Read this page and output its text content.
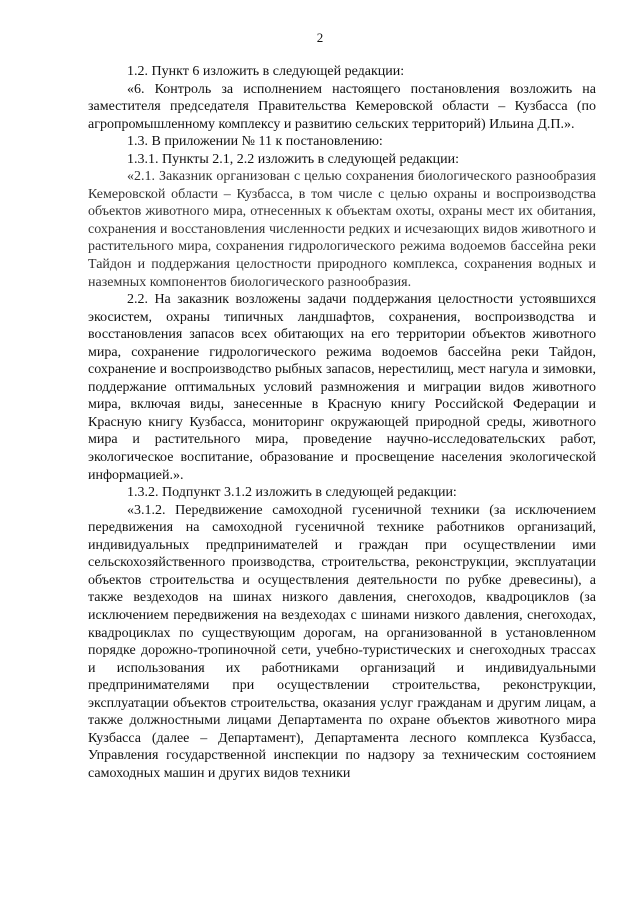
2

1.2. Пункт 6 изложить в следующей редакции:

«6. Контроль за исполнением настоящего постановления возложить на заместителя председателя Правительства Кемеровской области – Кузбасса (по агропромышленному комплексу и развитию сельских территорий) Ильина Д.П.».

1.3. В приложении № 11 к постановлению:

1.3.1. Пункты 2.1, 2.2 изложить в следующей редакции:

«2.1. Заказник организован с целью сохранения биологического разнообразия Кемеровской области – Кузбасса, в том числе с целью охраны и воспроизводства объектов животного мира, отнесенных к объектам охоты, охраны мест их обитания, сохранения и восстановления численности редких и исчезающих видов животного и растительного мира, сохранения гидрологического режима водоемов бассейна реки Тайдон и поддержания целостности природного комплекса, сохранения водных и наземных компонентов биологического разнообразия.

2.2. На заказник возложены задачи поддержания целостности устоявшихся экосистем, охраны типичных ландшафтов, сохранения, воспроизводства и восстановления запасов всех обитающих на его территории объектов животного мира, сохранение гидрологического режима водоемов бассейна реки Тайдон, сохранение и воспроизводство рыбных запасов, нерестилищ, мест нагула и зимовки, поддержание оптимальных условий размножения и миграции видов животного мира, включая виды, занесенные в Красную книгу Российской Федерации и Красную книгу Кузбасса, мониторинг окружающей природной среды, животного мира и растительного мира, проведение научно-исследовательских работ, экологическое воспитание, образование и просвещение населения экологической информацией.».

1.3.2. Подпункт 3.1.2 изложить в следующей редакции:

«3.1.2. Передвижение самоходной гусеничной техники (за исключением передвижения на самоходной гусеничной технике работников организаций, индивидуальных предпринимателей и граждан при осуществлении ими сельскохозяйственного производства, строительства, реконструкции, эксплуатации объектов строительства и осуществления деятельности по рубке древесины), а также вездеходов на шинах низкого давления, снегоходов, квадроциклов (за исключением передвижения на вездеходах с шинами низкого давления, снегоходах, квадроциклах по существующим дорогам, на организованной в установленном порядке дорожно-тропиночной сети, учебно-туристических и снегоходных трассах и использования их работниками организаций и индивидуальными предпринимателями при осуществлении строительства, реконструкции, эксплуатации объектов строительства, оказания услуг гражданам и другим лицам, а также должностными лицами Департамента по охране объектов животного мира Кузбасса (далее – Департамент), Департамента лесного комплекса Кузбасса, Управления государственной инспекции по надзору за техническим состоянием самоходных машин и других видов техники
